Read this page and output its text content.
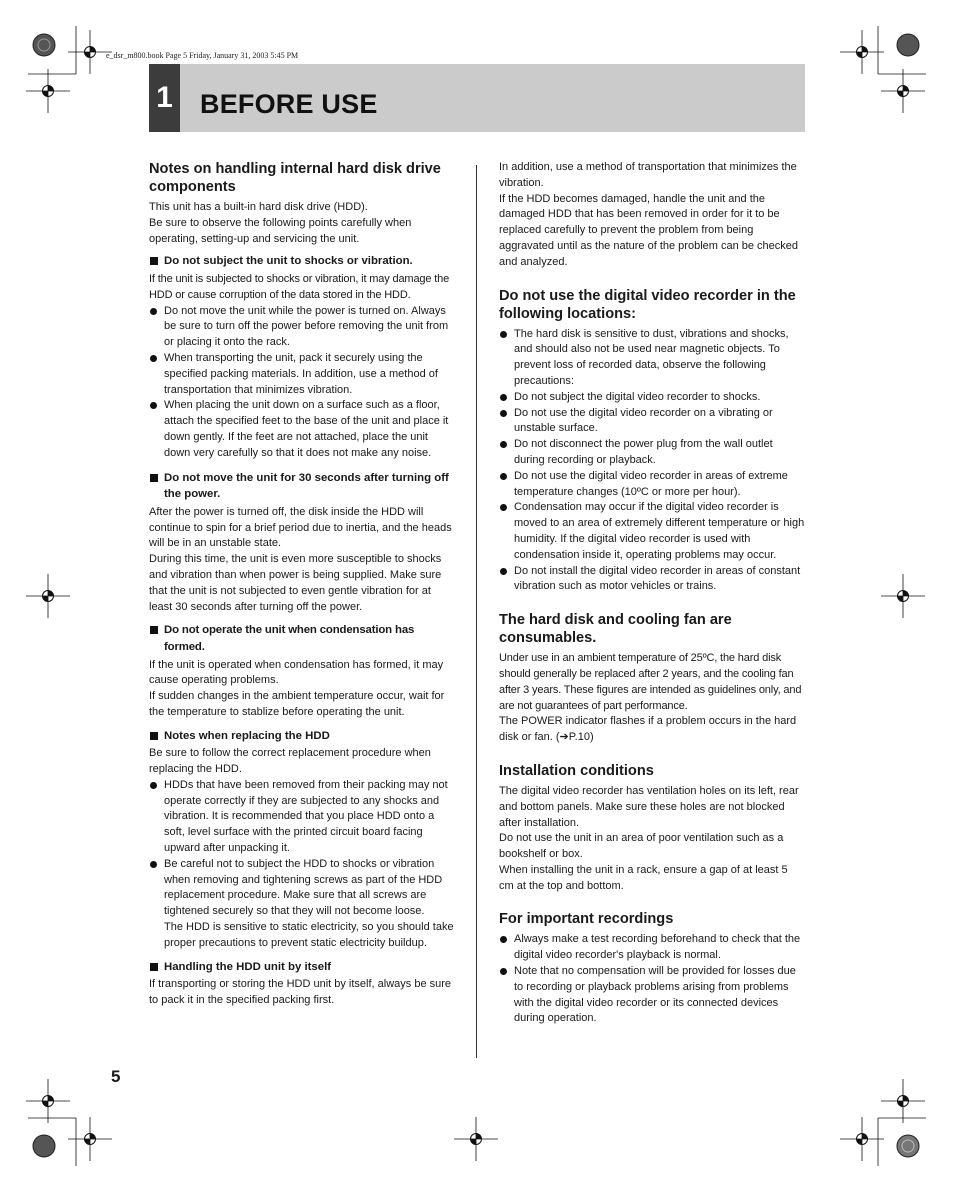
e_dsr_m800.book Page 5 Friday, January 31, 2003 5:45 PM
1 BEFORE USE
Notes on handling internal hard disk drive components

This unit has a built-in hard disk drive (HDD).

Be sure to observe the following points carefully when operating, setting-up and servicing the unit.

Do not subject the unit to shocks or vibration.

If the unit is subjected to shocks or vibration, it may damage the HDD or cause corruption of the data stored in the HDD.

Do not move the unit while the power is turned on. Always be sure to turn off the power before removing the unit from or placing it onto the rack.
When transporting the unit, pack it securely using the specified packing materials. In addition, use a method of transportation that minimizes vibration.
When placing the unit down on a surface such as a floor, attach the specified feet to the base of the unit and place it down gently. If the feet are not attached, place the unit down very carefully so that it does not make any noise.
Do not move the unit for 30 seconds after turning off the power.

After the power is turned off, the disk inside the HDD will continue to spin for a brief period due to inertia, and the heads will be in an unstable state.

During this time, the unit is even more susceptible to shocks and vibration than when power is being supplied. Make sure that the unit is not subjected to even gentle vibration for at least 30 seconds after turning off the power.

Do not operate the unit when condensation has formed.

If the unit is operated when condensation has formed, it may cause operating problems.

If sudden changes in the ambient temperature occur, wait for the temperature to stablize before operating the unit.

Notes when replacing the HDD

Be sure to follow the correct replacement procedure when replacing the HDD.

HDDs that have been removed from their packing may not operate correctly if they are subjected to any shocks and vibration. It is recommended that you place HDD onto a soft, level surface with the printed circuit board facing upward after unpacking it.
Be careful not to subject the HDD to shocks or vibration when removing and tightening screws as part of the HDD replacement procedure. Make sure that all screws are tightened securely so that they will not become loose.

The HDD is sensitive to static electricity, so you should take proper precautions to prevent static electricity buildup.

Handling the HDD unit by itself

If transporting or storing the HDD unit by itself, always be sure to pack it in the specified packing first.

In addition, use a method of transportation that minimizes the vibration.

If the HDD becomes damaged, handle the unit and the damaged HDD that has been removed in order for it to be replaced carefully to prevent the problem from being aggravated until as the nature of the problem can be checked and analyzed.

Do not use the digital video recorder in the following locations:
The hard disk is sensitive to dust, vibrations and shocks, and should also not be used near magnetic objects. To prevent loss of recorded data, observe the following precautions:
Do not subject the digital video recorder to shocks.
Do not use the digital video recorder on a vibrating or unstable surface.
Do not disconnect the power plug from the wall outlet during recording or playback.
Do not use the digital video recorder in areas of extreme temperature changes (10ºC or more per hour).
Condensation may occur if the digital video recorder is moved to an area of extremely different temperature or high humidity. If the digital video recorder is used with condensation inside it, operating problems may occur.
Do not install the digital video recorder in areas of constant vibration such as motor vehicles or trains.
The hard disk and cooling fan are consumables.

Under use in an ambient temperature of 25ºC, the hard disk should generally be replaced after 2 years, and the cooling fan after 3 years. These figures are intended as guidelines only, and are not guarantees of part performance.

The POWER indicator flashes if a problem occurs in the hard disk or fan. (➔P.10)

Installation conditions

The digital video recorder has ventilation holes on its left, rear and bottom panels. Make sure these holes are not blocked after installation.

Do not use the unit in an area of poor ventilation such as a bookshelf or box.

When installing the unit in a rack, ensure a gap of at least 5 cm at the top and bottom.

For important recordings
Always make a test recording beforehand to check that the digital video recorder's playback is normal.
Note that no compensation will be provided for losses due to recording or playback problems arising from problems with the digital video recorder or its connected devices during operation.
5
